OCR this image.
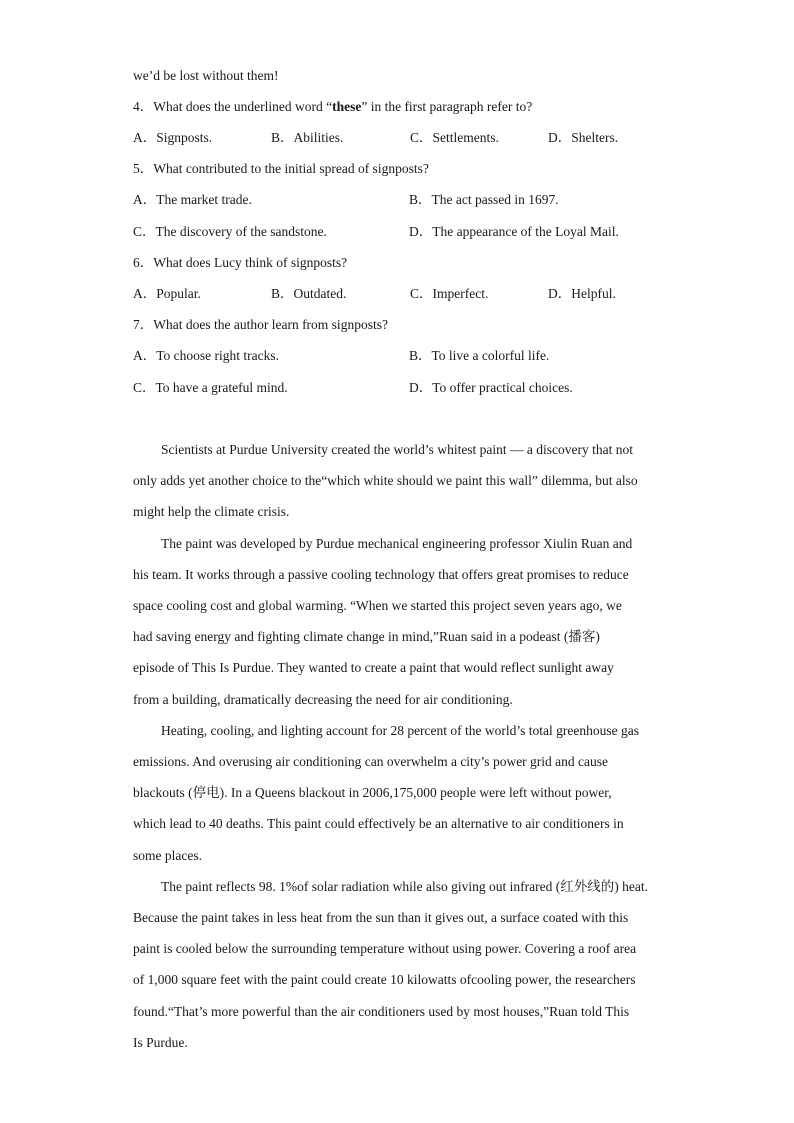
we’d be lost without them!
4．What does the underlined word “these” in the first paragraph refer to?
A．Signposts.	B．Abilities.	C．Settlements.	D．Shelters.
5．What contributed to the initial spread of signposts?
A．The market trade.	B．The act passed in 1697.
C．The discovery of the sandstone.	D．The appearance of the Loyal Mail.
6．What does Lucy think of signposts?
A．Popular.	B．Outdated.	C．Imperfect.	D．Helpful.
7．What does the author learn from signposts?
A．To choose right tracks.	B．To live a colorful life.
C．To have a grateful mind.	D．To offer practical choices.
Scientists at Purdue University created the world’s whitest paint — a discovery that not
only adds yet another choice to the“which white should we paint this wall” dilemma, but also
might help the climate crisis.
The paint was developed by Purdue mechanical engineering professor Xiulin Ruan and
his team. It works through a passive cooling technology that offers great promises to reduce
space cooling cost and global warming. “When we started this project seven years ago, we
had saving energy and fighting climate change in mind,”Ruan said in a podeast (播客)
episode of This Is Purdue. They wanted to create a paint that would reflect sunlight away
from a building, dramatically decreasing the need for air conditioning.
Heating, cooling, and lighting account for 28 percent of the world’s total greenhouse gas
emissions. And overusing air conditioning can overwhelm a city’s power grid and cause
blackouts (停电). In a Queens blackout in 2006,175,000 people were left without power,
which lead to 40 deaths. This paint could effectively be an alternative to air conditioners in
some places.
The paint reflects 98. 1%of solar radiation while also giving out infrared (红外线的) heat.
Because the paint takes in less heat from the sun than it gives out, a surface coated with this
paint is cooled below the surrounding temperature without using power. Covering a roof area
of 1,000 square feet with the paint could create 10 kilowatts ofcooling power, the researchers
found.“That’s more powerful than the air conditioners used by most houses,”Ruan told This
Is Purdue.
